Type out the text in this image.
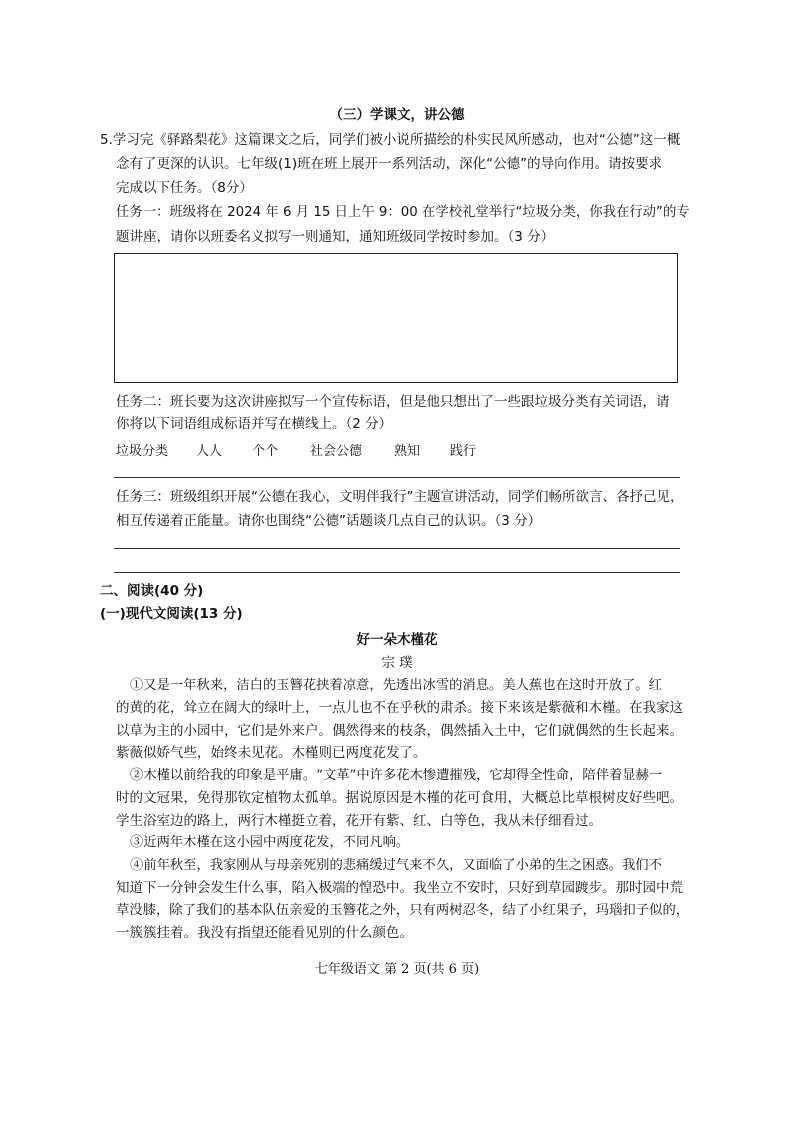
（三）学课文，讲公德
5.学习完《驿路梨花》这篇课文之后，同学们被小说所描绘的朴实民风所感动，也对“公德”这一概
念有了更深的认识。七年级(1)班在班上展开一系列活动，深化“公德”的导向作用。请按要求
完成以下任务。（8分）
任务一：班级将在 2024 年 6 月 15 日上午 9：00 在学校礼堂举行“垃圾分类，你我在行动”的专
题讲座，请你以班委名义拟写一则通知，通知班级同学按时参加。（3 分）
任务二：班长要为这次讲座拟写一个宣传标语，但是他只想出了一些跟垃圾分类有关词语，请
你将以下词语组成标语并写在横线上。（2 分）
垃圾分类 人人 个个 社会公德 熟知 践行
任务三：班级组织开展“公德在我心，文明伴我行”主题宣讲活动，同学们畅所欲言、各抒己见，
相互传递着正能量。请你也围绕“公德”话题谈几点自己的认识。（3 分）
二、阅读(40 分)
(一)现代文阅读(13 分)
好一朵木槿花
宗 璞
①又是一年秋来，洁白的玉簪花挟着凉意，先透出冰雪的消息。美人蕉也在这时开放了。红
的黄的花，耸立在阔大的绿叶上，一点儿也不在乎秋的肃杀。接下来该是紫薇和木槿。在我家这
以草为主的小园中，它们是外来户。偶然得来的枝条，偶然插入土中，它们就偶然的生长起来。
紫薇似娇气些，始终未见花。木槿则已两度花发了。
②木槿以前给我的印象是平庸。“文革”中许多花木惨遭摧残，它却得全性命，陪伴着显赫一
时的文冠果，免得那钦定植物太孤单。据说原因是木槿的花可食用，大概总比草根树皮好些吧。
学生浴室边的路上，两行木槿挺立着，花开有紫、红、白等色，我从未仔细看过。
③近两年木槿在这小园中两度花发，不同凡响。
④前年秋至，我家刚从与母亲死别的悲痛缓过气来不久，又面临了小弟的生之困惑。我们不
知道下一分钟会发生什么事，陷入极端的惶恐中。我坐立不安时，只好到草园踱步。那时园中荒
草没膝，除了我们的基本队伍亲爱的玉簪花之外，只有两树忍冬，结了小红果子，玛瑙扣子似的，
一簇簇挂着。我没有指望还能看见别的什么颜色。
七年级语文 第 2 页(共 6 页)
